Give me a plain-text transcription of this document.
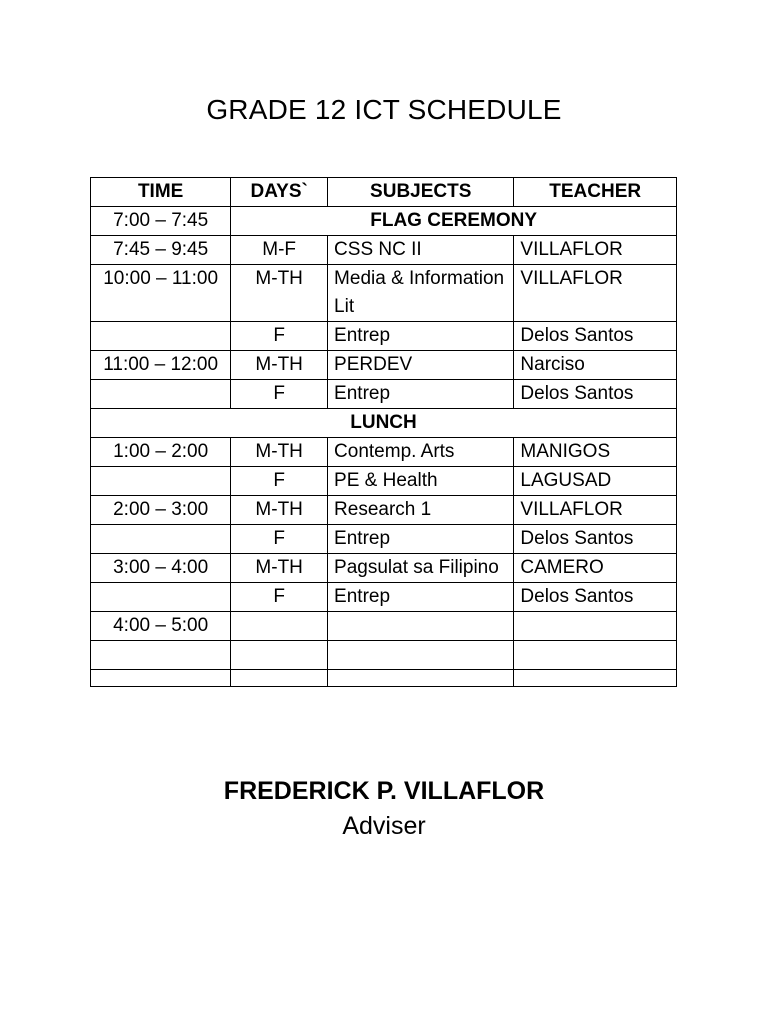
GRADE 12 ICT SCHEDULE
TIME	DAYS`	SUBJECTS	TEACHER
7:00 – 7:45	FLAG CEREMONY		
7:45 – 9:45	M-F	CSS NC II	VILLAFLOR
10:00 – 11:00	M-TH	Media & Information Lit	VILLAFLOR
	F	Entrep	Delos Santos
11:00 – 12:00	M-TH	PERDEV	Narciso
	F	Entrep	Delos Santos
LUNCH			
1:00 – 2:00	M-TH	Contemp. Arts	MANIGOS
	F	PE & Health	LAGUSAD
2:00 – 3:00	M-TH	Research 1	VILLAFLOR
	F	Entrep	Delos Santos
3:00 – 4:00	M-TH	Pagsulat sa Filipino	CAMERO
	F	Entrep	Delos Santos
4:00 – 5:00			

FREDERICK P. VILLAFLOR
Adviser
